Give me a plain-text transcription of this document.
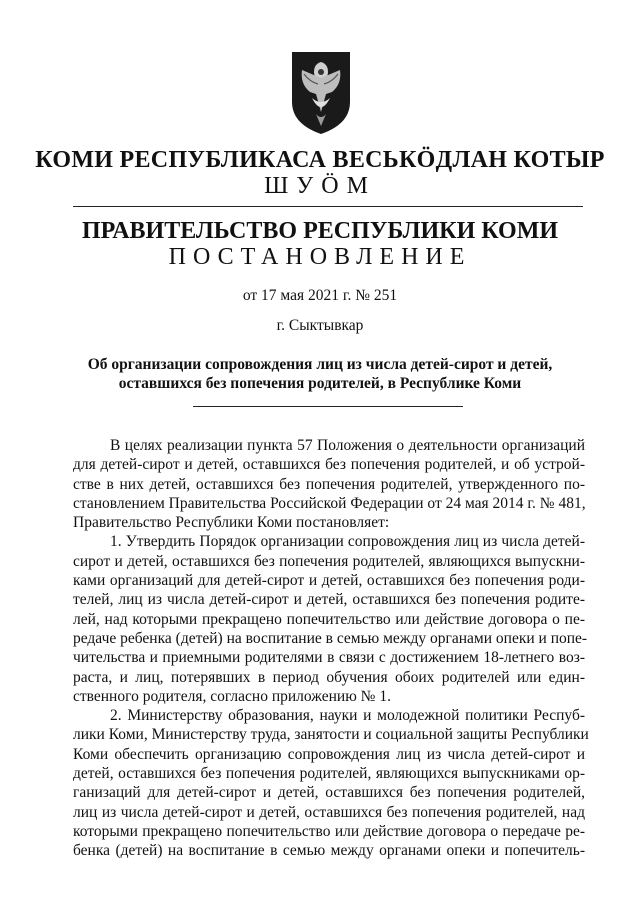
КОМИ РЕСПУБЛИКАСА ВЕСЬКӦДЛАН КОТЫР
ШУӦМ
ПРАВИТЕЛЬСТВО РЕСПУБЛИКИ КОМИ
ПОСТАНОВЛЕНИЕ
от 17 мая 2021 г. № 251
г. Сыктывкар
Об организации сопровождения лиц из числа детей-сирот и детей,
оставшихся без попечения родителей, в Республике Коми
В целях реализации пункта 57 Положения о деятельности организаций
для детей-сирот и детей, оставшихся без попечения родителей, и об устрой-
стве в них детей, оставшихся без попечения родителей, утвержденного по-
становлением Правительства Российской Федерации от 24 мая 2014 г. № 481,
Правительство Республики Коми постановляет:
1. Утвердить Порядок организации сопровождения лиц из числа детей-
сирот и детей, оставшихся без попечения родителей, являющихся выпускни-
ками организаций для детей-сирот и детей, оставшихся без попечения роди-
телей, лиц из числа детей-сирот и детей, оставшихся без попечения родите-
лей, над которыми прекращено попечительство или действие договора о пе-
редаче ребенка (детей) на воспитание в семью между органами опеки и попе-
чительства и приемными родителями в связи с достижением 18-летнего воз-
раста, и лиц, потерявших в период обучения обоих родителей или един-
ственного родителя, согласно приложению № 1.
2. Министерству образования, науки и молодежной политики Респуб-
лики Коми, Министерству труда, занятости и социальной защиты Республики
Коми обеспечить организацию сопровождения лиц из числа детей-сирот и
детей, оставшихся без попечения родителей, являющихся выпускниками ор-
ганизаций для детей-сирот и детей, оставшихся без попечения родителей,
лиц из числа детей-сирот и детей, оставшихся без попечения родителей, над
которыми прекращено попечительство или действие договора о передаче ре-
бенка (детей) на воспитание в семью между органами опеки и попечитель-
